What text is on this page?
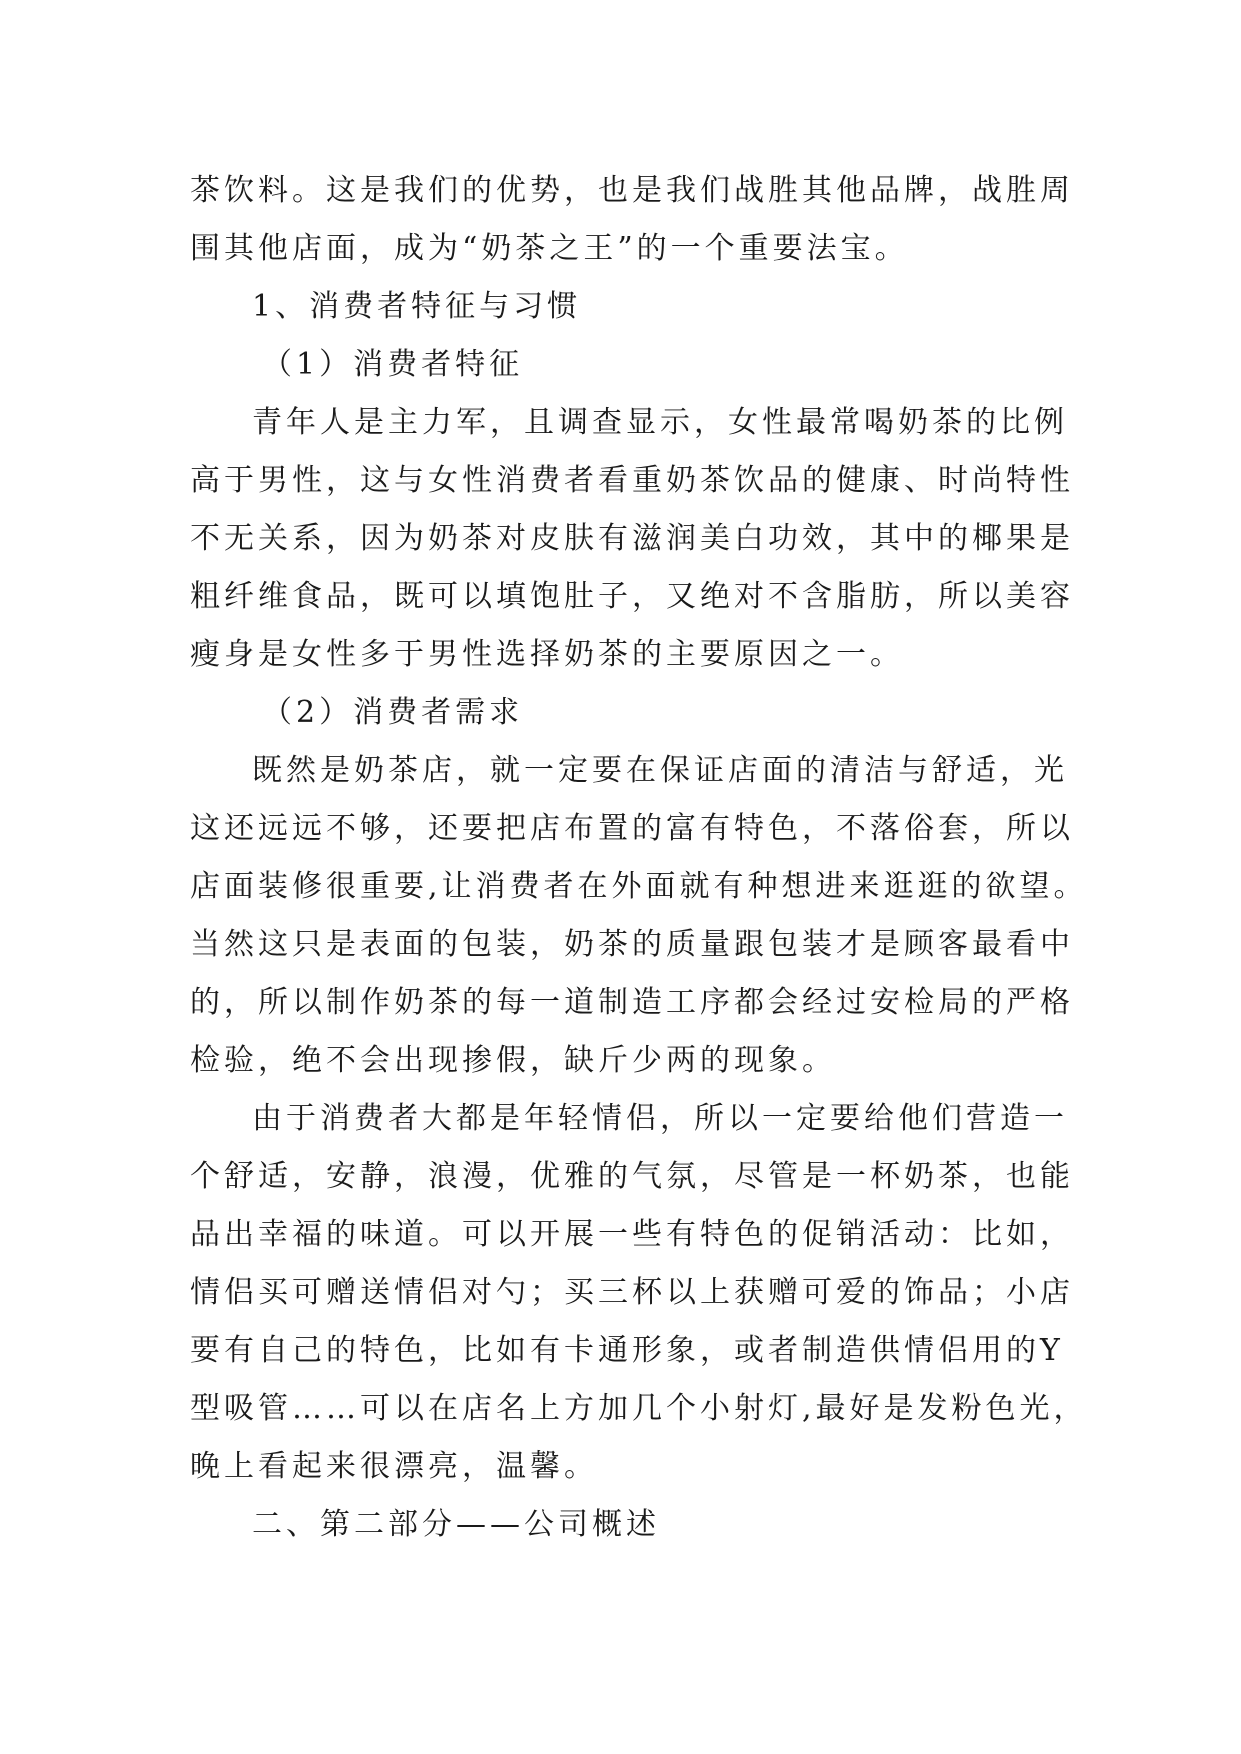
茶饮料。这是我们的优势，也是我们战胜其他品牌，战胜周
围其他店面，成为“奶茶之王”的一个重要法宝。
1、消费者特征与习惯
（1）消费者特征
青年人是主力军，且调查显示，女性最常喝奶茶的比例
高于男性，这与女性消费者看重奶茶饮品的健康、时尚特性
不无关系，因为奶茶对皮肤有滋润美白功效，其中的椰果是
粗纤维食品，既可以填饱肚子，又绝对不含脂肪，所以美容
瘦身是女性多于男性选择奶茶的主要原因之一。
（2）消费者需求
既然是奶茶店，就一定要在保证店面的清洁与舒适，光
这还远远不够，还要把店布置的富有特色，不落俗套，所以
店面装修很重要,让消费者在外面就有种想进来逛逛的欲望。
当然这只是表面的包装，奶茶的质量跟包装才是顾客最看中
的，所以制作奶茶的每一道制造工序都会经过安检局的严格
检验，绝不会出现掺假，缺斤少两的现象。
由于消费者大都是年轻情侣，所以一定要给他们营造一
个舒适，安静，浪漫，优雅的气氛，尽管是一杯奶茶，也能
品出幸福的味道。可以开展一些有特色的促销活动：比如，
情侣买可赠送情侣对勺；买三杯以上获赠可爱的饰品；小店
要有自己的特色，比如有卡通形象，或者制造供情侣用的Y
型吸管……可以在店名上方加几个小射灯,最好是发粉色光，
晚上看起来很漂亮，温馨。
二、第二部分——公司概述
